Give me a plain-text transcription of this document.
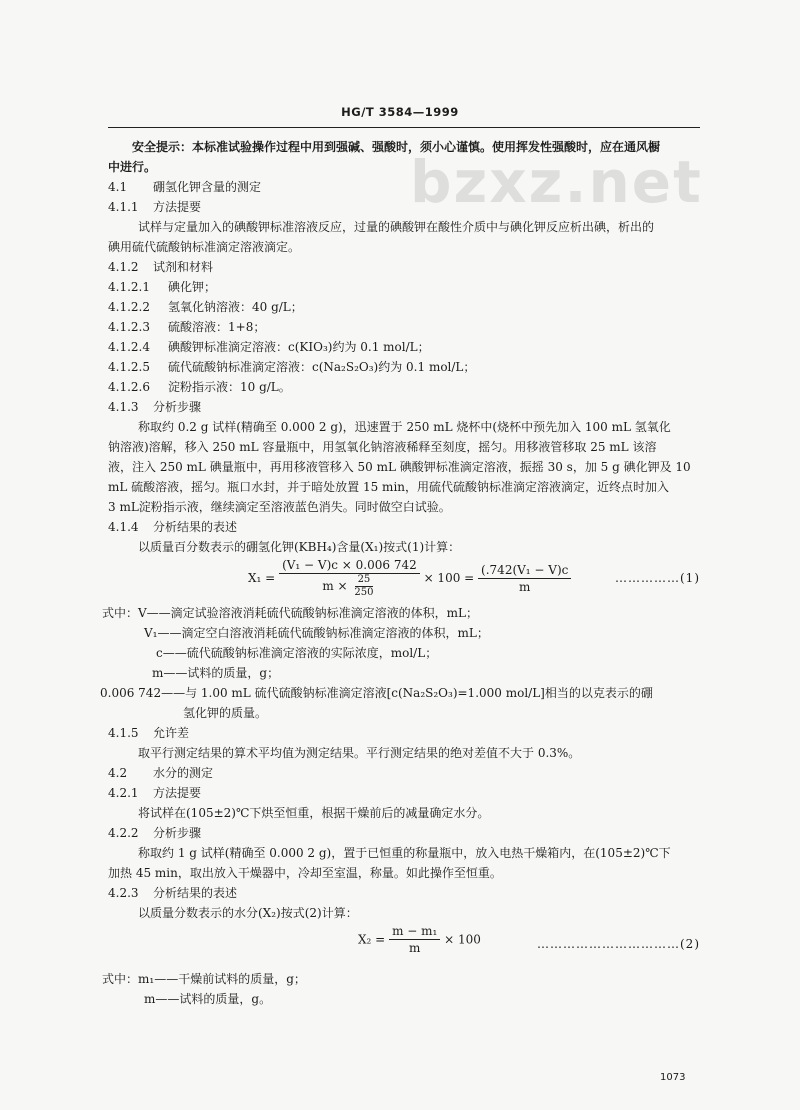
bzxz.net
HG/T 3584—1999
安全提示：本标准试验操作过程中用到强碱、强酸时，须小心谨慎。使用挥发性强酸时，应在通风橱
中进行。
4.1 硼氢化钾含量的测定
4.1.1 方法提要
试样与定量加入的碘酸钾标准溶液反应，过量的碘酸钾在酸性介质中与碘化钾反应析出碘，析出的
碘用硫代硫酸钠标准滴定溶液滴定。
4.1.2 试剂和材料
4.1.2.1 碘化钾；
4.1.2.2 氢氧化钠溶液：40 g/L；
4.1.2.3 硫酸溶液：1+8；
4.1.2.4 碘酸钾标准滴定溶液：c(KIO₃)约为 0.1 mol/L；
4.1.2.5 硫代硫酸钠标准滴定溶液：c(Na₂S₂O₃)约为 0.1 mol/L；
4.1.2.6 淀粉指示液：10 g/L。
4.1.3 分析步骤
称取约 0.2 g 试样(精确至 0.000 2 g)，迅速置于 250 mL 烧杯中(烧杯中预先加入 100 mL 氢氧化
钠溶液)溶解，移入 250 mL 容量瓶中，用氢氧化钠溶液稀释至刻度，摇匀。用移液管移取 25 mL 该溶
液，注入 250 mL 碘量瓶中，再用移液管移入 50 mL 碘酸钾标准滴定溶液，振摇 30 s，加 5 g 碘化钾及 10
mL 硫酸溶液，摇匀。瓶口水封，并于暗处放置 15 min，用硫代硫酸钠标准滴定溶液滴定，近终点时加入
3 mL淀粉指示液，继续滴定至溶液蓝色消失。同时做空白试验。
4.1.4 分析结果的表述
以质量百分数表示的硼氢化钾(KBH₄)含量(X₁)按式(1)计算：
$X_1 = \frac{\text{(V₁ − V)c × 0.006 742}}{m \times \frac{25}{250}} \times 100 = \frac{\text{(.742(V₁ − V)c}}{m}$	……………(1)
式中：V——滴定试验溶液消耗硫代硫酸钠标准滴定溶液的体积，mL；
V₁——滴定空白溶液消耗硫代硫酸钠标准滴定溶液的体积，mL；
c——硫代硫酸钠标准滴定溶液的实际浓度，mol/L；
m——试料的质量，g；
0.006 742——与 1.00 mL 硫代硫酸钠标准滴定溶液[c(Na₂S₂O₃)=1.000 mol/L]相当的以克表示的硼
氢化钾的质量。
4.1.5 允许差
取平行测定结果的算术平均值为测定结果。平行测定结果的绝对差值不大于 0.3%。
4.2 水分的测定
4.2.1 方法提要
将试样在(105±2)℃下烘至恒重，根据干燥前后的减量确定水分。
4.2.2 分析步骤
称取约 1 g 试样(精确至 0.000 2 g)，置于已恒重的称量瓶中，放入电热干燥箱内，在(105±2)℃下
加热 45 min，取出放入干燥器中，冷却至室温，称量。如此操作至恒重。
4.2.3 分析结果的表述
以质量分数表示的水分(X₂)按式(2)计算：
$X_2 = \frac{\text{m − m₁}}{m} \times 100$	……………………………(2)
式中：m₁——干燥前试料的质量，g；
m——试料的质量，g。
1073
